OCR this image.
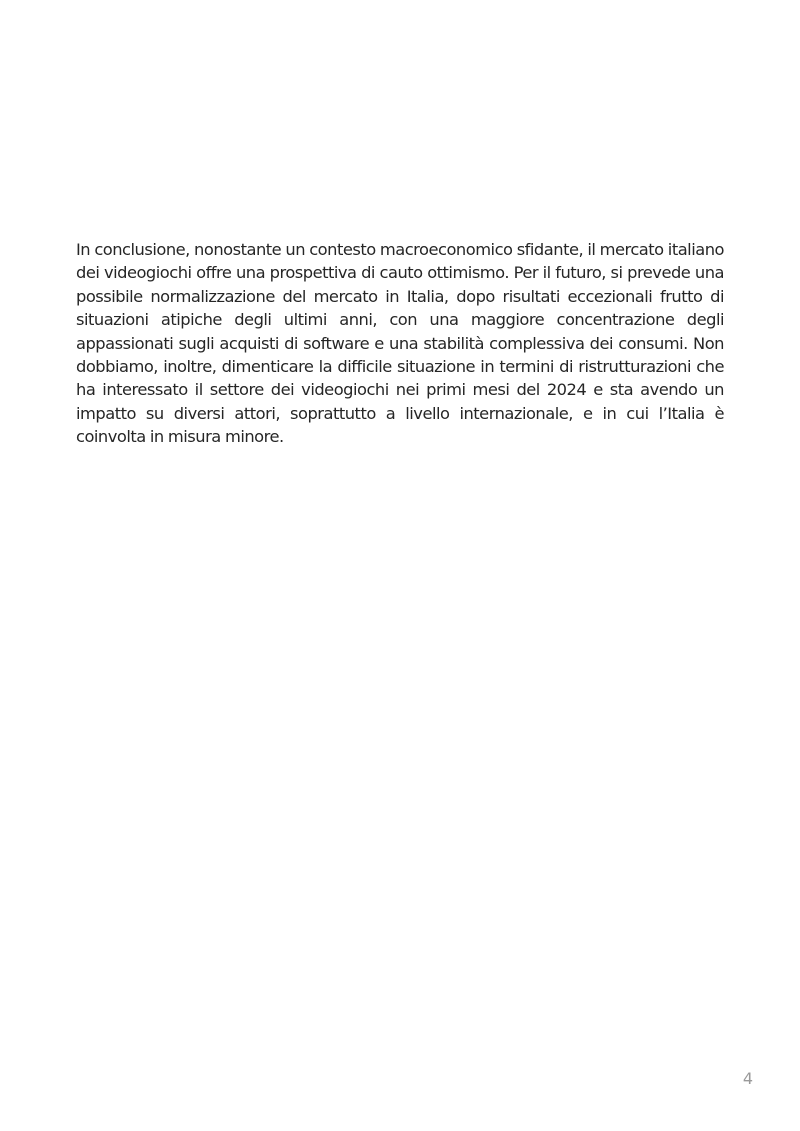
In conclusione, nonostante un contesto macroeconomico sfidante, il mercato italiano dei videogiochi offre una prospettiva di cauto ottimismo. Per il futuro, si prevede una possibile normalizzazione del mercato in Italia, dopo risultati eccezionali frutto di situazioni atipiche degli ultimi anni, con una maggiore concentrazione degli appassionati sugli acquisti di software e una stabilità complessiva dei consumi. Non dobbiamo, inoltre, dimenticare la difficile situazione in termini di ristrutturazioni che ha interessato il settore dei videogiochi nei primi mesi del 2024 e sta avendo un impatto su diversi attori, soprattutto a livello internazionale, e in cui l’Italia è coinvolta in misura minore.

4
